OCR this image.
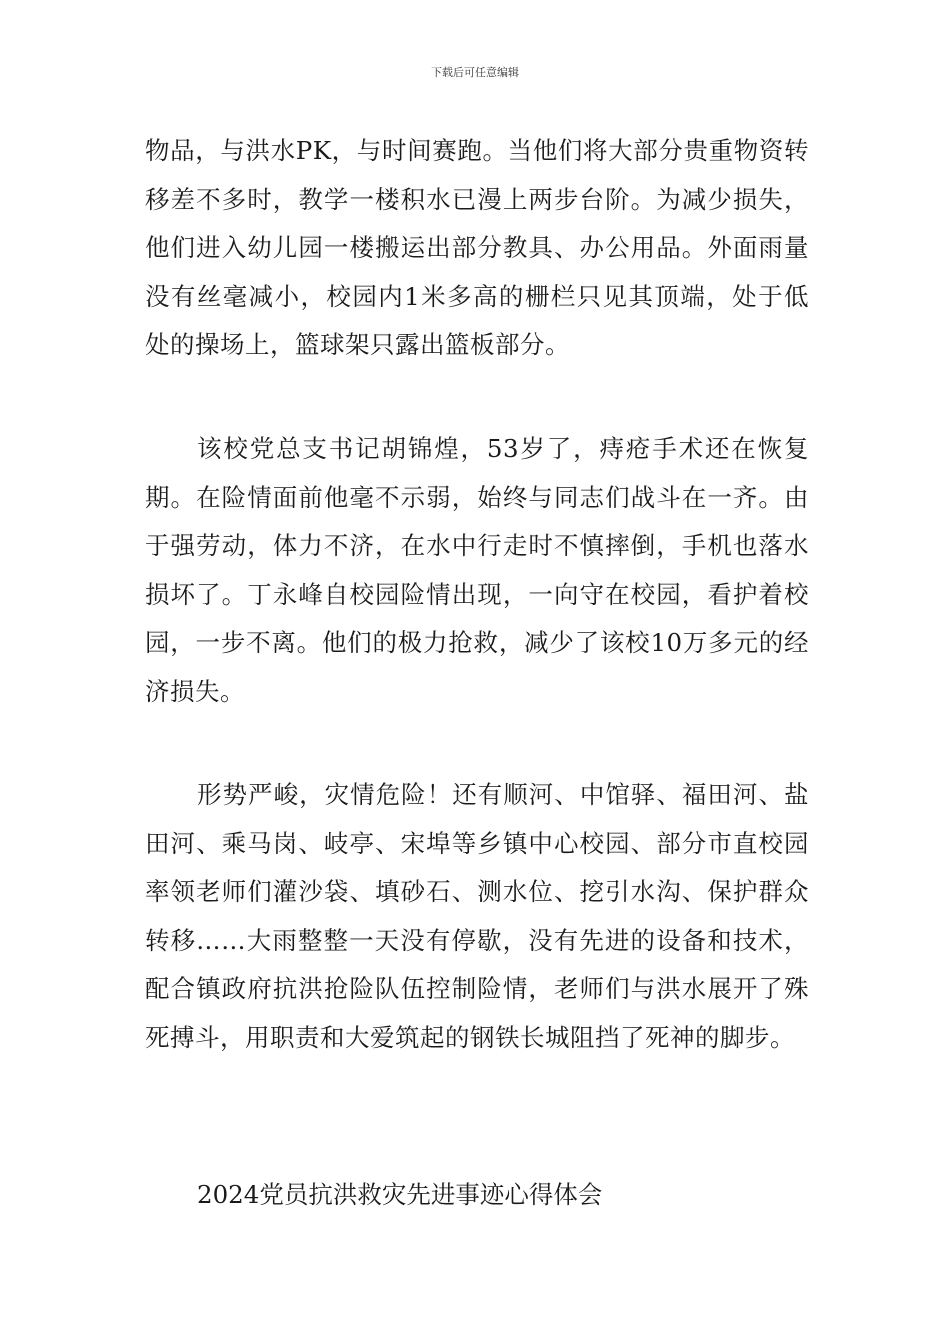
下载后可任意编辑

物品，与洪水PK，与时间赛跑。当他们将大部分贵重物资转移差不多时，教学一楼积水已漫上两步台阶。为减少损失，他们进入幼儿园一楼搬运出部分教具、办公用品。外面雨量没有丝毫减小，校园内1米多高的栅栏只见其顶端，处于低处的操场上，篮球架只露出篮板部分。

该校党总支书记胡锦煌，53岁了，痔疮手术还在恢复期。在险情面前他毫不示弱，始终与同志们战斗在一齐。由于强劳动，体力不济，在水中行走时不慎摔倒，手机也落水损坏了。丁永峰自校园险情出现，一向守在校园，看护着校园，一步不离。他们的极力抢救，减少了该校10万多元的经济损失。

形势严峻，灾情危险！还有顺河、中馆驿、福田河、盐田河、乘马岗、岐亭、宋埠等乡镇中心校园、部分市直校园率领老师们灌沙袋、填砂石、测水位、挖引水沟、保护群众转移……大雨整整一天没有停歇，没有先进的设备和技术，配合镇政府抗洪抢险队伍控制险情，老师们与洪水展开了殊死搏斗，用职责和大爱筑起的钢铁长城阻挡了死神的脚步。

2024党员抗洪救灾先进事迹心得体会
